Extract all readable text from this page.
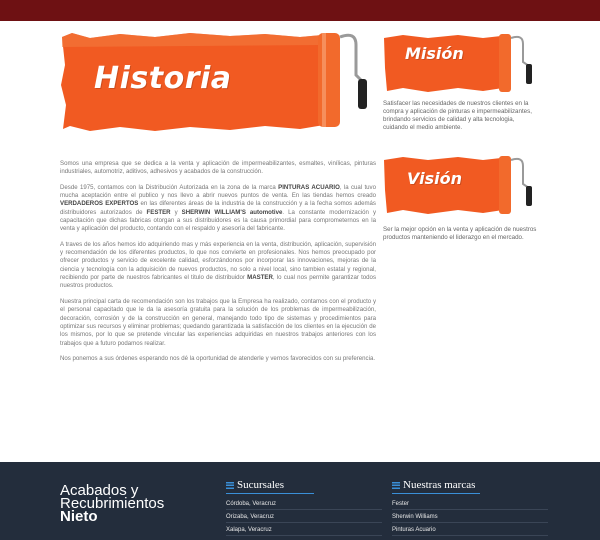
Historia
Misión
Satisfacer las necesidades de nuestros clientes en la compra y aplicación de pinturas e impermeabilizantes, brindando servicios de calidad y alta tecnologia, cuidando el medio ambiente.
Visión
Ser la mejor opción en la venta y aplicación de nuestros productos manteniendo el liderazgo en el mercado.

Somos una empresa que se dedica a la venta y aplicación de impermeabilizantes, esmaltes, vinílicas, pinturas industriales, automotriz, aditivos, adhesivos y acabados de la construcción.

Desde 1975, contamos con la Distribución Autorizada en la zona de la marca PINTURAS ACUARIO, la cual tuvo mucha aceptación entre el publico y nos llevo a abrir nuevos puntos de venta. En las tiendas hemos creado VERDADEROS EXPERTOS en las diferentes áreas de la industria de la construcción y a la fecha somos además distribuidores autorizados de FESTER y SHERWIN WILLIAM'S automotive. La constante modernización y capacitación que dichas fabricas otorgan a sus distribuidores es la causa primordial para comprometernos en la venta y aplicación del producto, contando con el respaldo y asesoría del fabricante.

A traves de los años hemos ido adquiriendo mas y más experiencia en la venta, distribución, aplicación, supervisión y recomendación de los diferentes productos, lo que nos convierte en profesionales. Nos hemos preocupado por ofrecer productos y servicio de excelente calidad, esforzándonos por incorporar las innovaciones, mejoras de la ciencia y tecnología con la adquisición de nuevos productos, no solo a nivel local, sino tambien estatal y regional, recibiendo por parte de nuestros fabricantes el titulo de distribuidor MASTER, lo cual nos permite garantizar todos nuestros productos.

Nuestra principal carta de recomendación son los trabajos que la Empresa ha realizado, contamos con el producto y el personal capacitado que le da la asesoría gratuita para la solución de los problemas de impermeabilización, decoración, corrosión y de la construcción en general, manejando todo tipo de sistemas y procedimientos para optimizar sus recursos y eliminar problemas; quedando garantizada la satisfacción de los clientes en la ejecución de los mismos, por lo que se pretende vincular las experiencias adquiridas en nuestros trabajos anteriores con los trabajos que a futuro podamos realizar.

Nos ponemos a sus órdenes esperando nos dé la oportunidad de atenderle y vernos favorecidos con su preferencia.

Acabados y
Recubrimientos
Nieto
Sucursales
Córdoba, Veracruz
Orizaba, Veracruz
Xalapa, Veracruz
Nuestras marcas
Fester
Sherwin Williams
Pinturas Acuario
